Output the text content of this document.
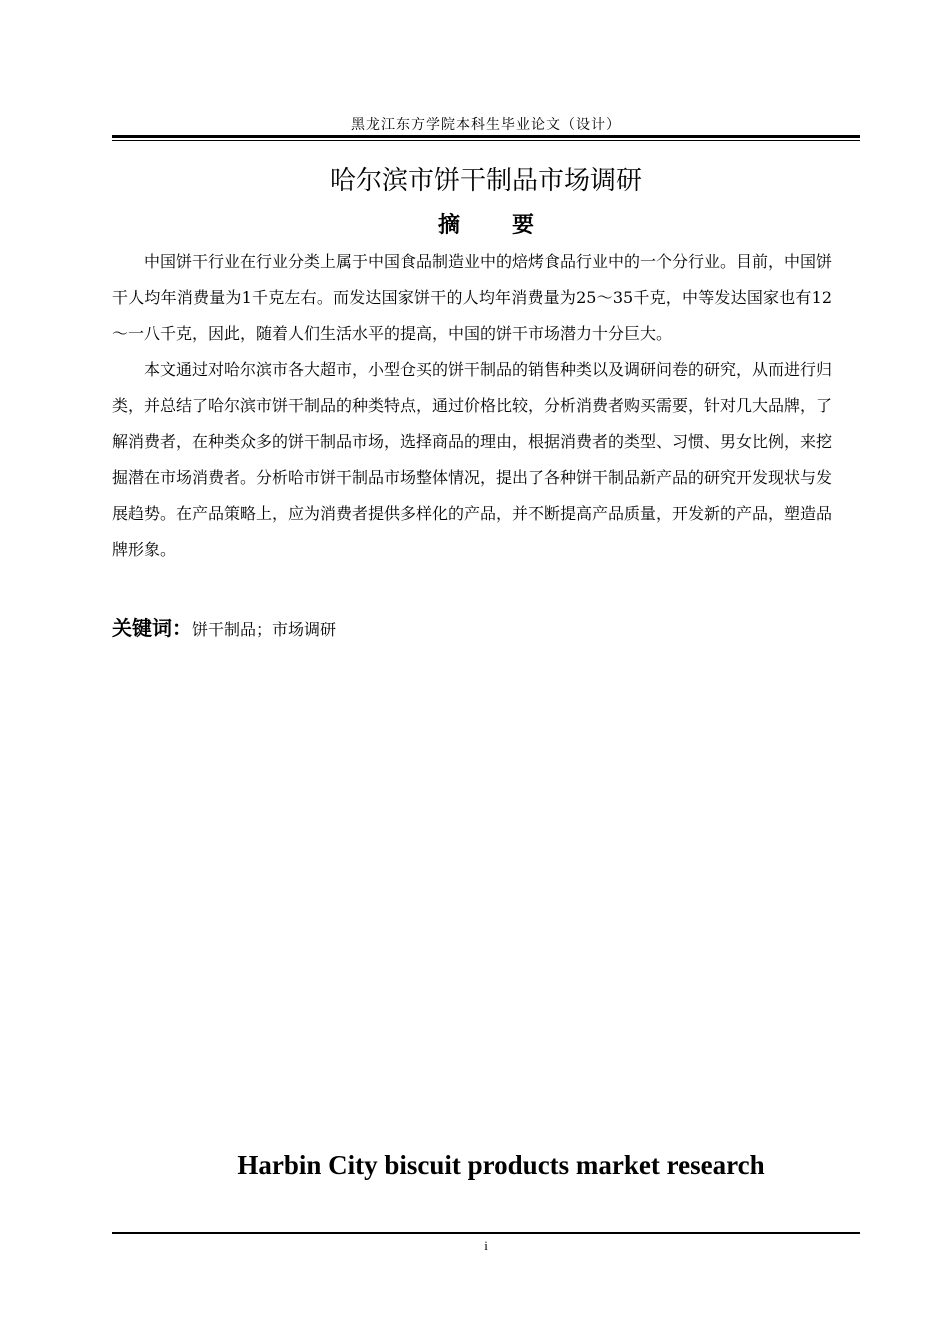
黑龙江东方学院本科生毕业论文（设计）
哈尔滨市饼干制品市场调研
摘要

中国饼干行业在行业分类上属于中国食品制造业中的焙烤食品行业中的一个分行业。目前，中国饼干人均年消费量为1千克左右。而发达国家饼干的人均年消费量为25～35千克，中等发达国家也有12～一八千克，因此，随着人们生活水平的提高，中国的饼干市场潜力十分巨大。

本文通过对哈尔滨市各大超市，小型仓买的饼干制品的销售种类以及调研问卷的研究，从而进行归类，并总结了哈尔滨市饼干制品的种类特点，通过价格比较，分析消费者购买需要，针对几大品牌，了解消费者，在种类众多的饼干制品市场，选择商品的理由，根据消费者的类型、习惯、男女比例，来挖掘潜在市场消费者。分析哈市饼干制品市场整体情况，提出了各种饼干制品新产品的研究开发现状与发展趋势。在产品策略上，应为消费者提供多样化的产品，并不断提高产品质量，开发新的产品，塑造品牌形象。

关键词：饼干制品；市场调研
Harbin City biscuit products market research
i
